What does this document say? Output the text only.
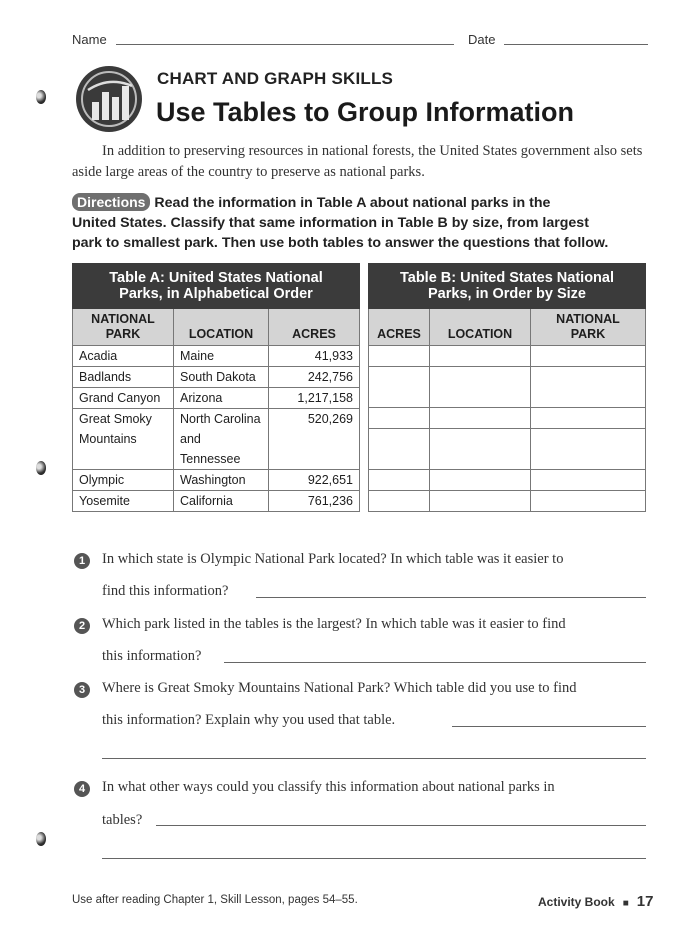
Name	Date
CHART AND GRAPH SKILLS
Use Tables to Group Information
In addition to preserving resources in national forests, the United States government also sets aside large areas of the country to preserve as national parks.
Directions Read the information in Table A about national parks in the
United States. Classify that same information in Table B by size, from largest
park to smallest park. Then use both tables to answer the questions that follow.
Table A: United States National
Parks, in Alphabetical Order		

NATIONAL
PARK	LOCATION	ACRES
Acadia	Maine	41,933
Badlands	South Dakota	242,756
Grand Canyon	Arizona	1,217,158
Great Smoky Mountains	North Carolina and Tennessee	520,269
Olympic	Washington	922,651
Yosemite	California	761,236
Table B: United States National
Parks, in Order by Size		

ACRES	LOCATION	NATIONAL
PARK

1	In which state is Olympic National Park located? In which table was it easier to
find this information?
2	Which park listed in the tables is the largest? In which table was it easier to find
this information?
3	Where is Great Smoky Mountains National Park? Which table did you use to find
this information? Explain why you used that table.
4	In what other ways could you classify this information about national parks in
tables?
Use after reading Chapter 1, Skill Lesson, pages 54–55.	Activity Book ■ 17
